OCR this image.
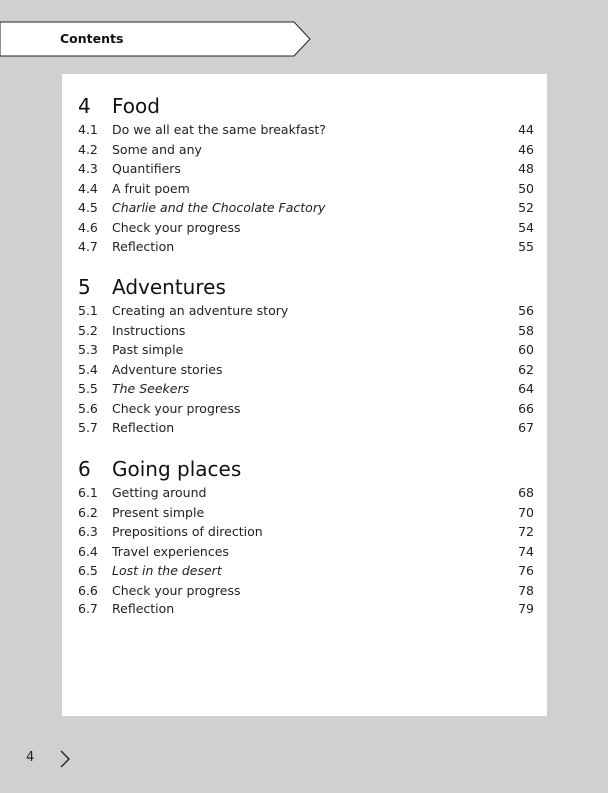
Contents
4	Food
4.1	Do we all eat the same breakfast?	44
4.2	Some and any	46
4.3	Quantifiers	48
4.4	A fruit poem	50
4.5	Charlie and the Chocolate Factory	52
4.6	Check your progress	54
4.7	Reflection	55
5	Adventures
5.1	Creating an adventure story	56
5.2	Instructions	58
5.3	Past simple	60
5.4	Adventure stories	62
5.5	The Seekers	64
5.6	Check your progress	66
5.7	Reflection	67
6	Going places
6.1	Getting around	68
6.2	Present simple	70
6.3	Prepositions of direction	72
6.4	Travel experiences	74
6.5	Lost in the desert	76
6.6	Check your progress	78
6.7	Reflection	79
4
